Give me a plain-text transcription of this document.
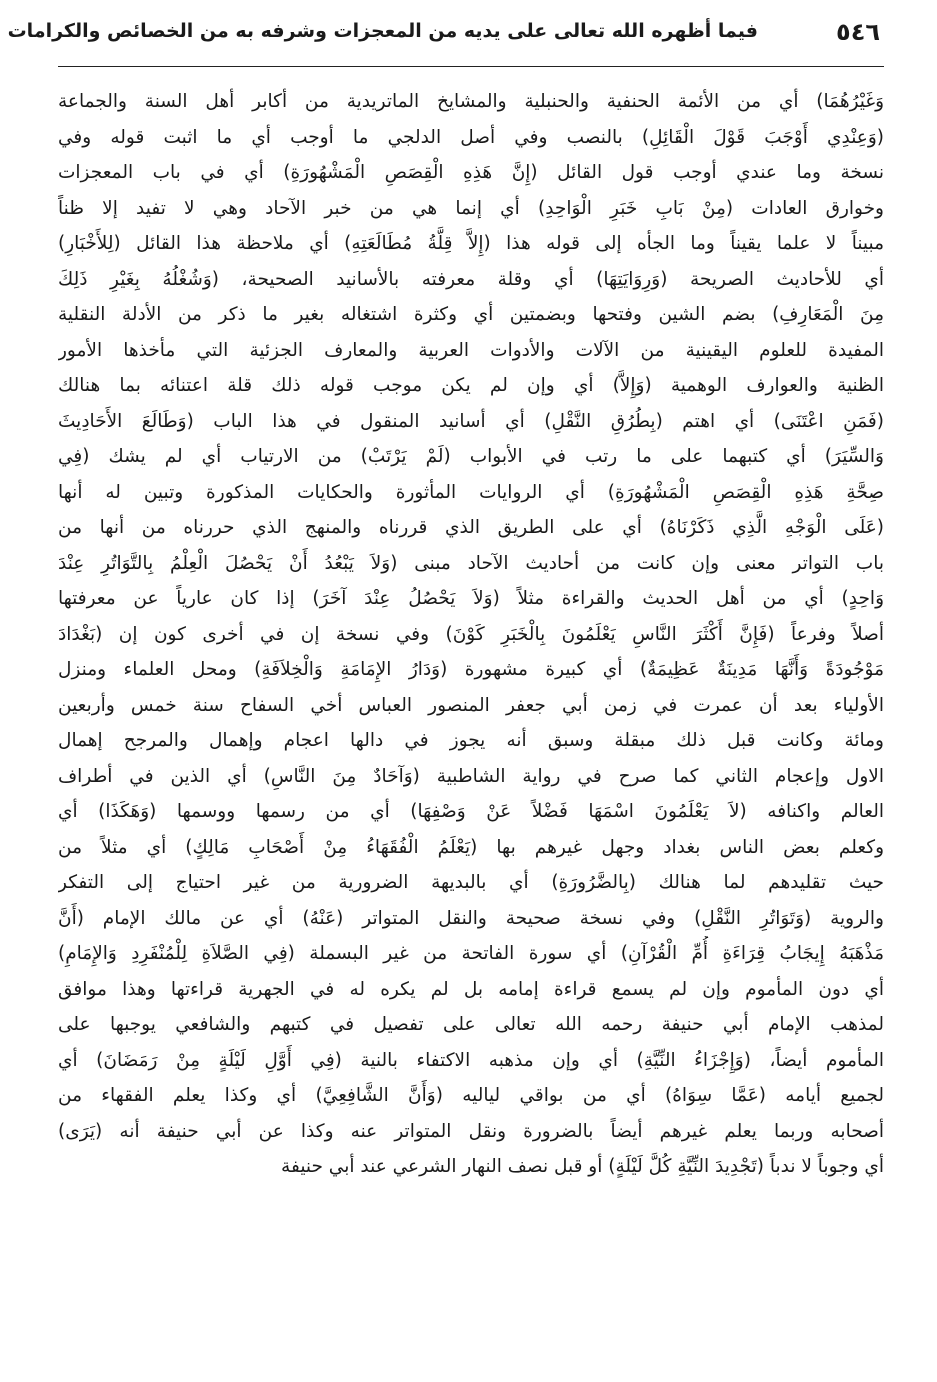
٥٤٦
فيما أظهره الله تعالى على يديه من المعجزات وشرفه به من الخصائص والكرامات
وَغَيْرُهُمَا) أي من الأئمة الحنفية والحنبلية والمشايخ الماتريدية من أكابر أهل السنة والجماعة
(وَعِنْدِي أَوْجَبَ قَوْلَ الْقَائِلِ) بالنصب وفي أصل الدلجي ما أوجب أي ما اثبت قوله وفي
نسخة وما عندي أوجب قول القائل (إِنَّ هَذِهِ الْقِصَصِ الْمَشْهُورَةِ) أي في باب المعجزات
وخوارق العادات (مِنْ بَابِ خَبَرِ الْوَاحِدِ) أي إنما هي من خبر الآحاد وهي لا تفيد إلا ظناً
مبيناً لا علما يقيناً وما الجأه إلى قوله هذا (إِلاَّ قِلَّةُ مُطَالَعَتِهِ) أي ملاحظة هذا القائل (لِلأَخْبَارِ)
أي للأحاديث الصريحة (وَرِوَايَتِهَا) أي وقلة معرفته بالأسانيد الصحيحة، (وَشُغْلُهُ بِغَيْرِ ذَلِكَ
مِنَ الْمَعَارِفِ) بضم الشين وفتحها وبضمتين أي وكثرة اشتغاله بغير ما ذكر من الأدلة النقلية
المفيدة للعلوم اليقينية من الآلات والأدوات العربية والمعارف الجزئية التي مأخذها الأمور
الظنية والعوارف الوهمية (وَإِلاَّ) أي وإن لم يكن موجب قوله ذلك قلة اعتنائه بما هنالك
(فَمَنِ اعْتَنَى) أي اهتم (بِطُرُقِ النَّقْلِ) أي أسانيد المنقول في هذا الباب (وَطَالَعَ الأَحَادِيثَ
وَالسِّيَرَ) أي كتبهما على ما رتب في الأبواب (لَمْ يَرْتَبْ) من الارتياب أي لم يشك (فِي
صِحَّةِ هَذِهِ الْقِصَصِ الْمَشْهُورَةِ) أي الروايات المأثورة والحكايات المذكورة وتبين له أنها
(عَلَى الْوَجْهِ الَّذِي ذَكَرْنَاهُ) أي على الطريق الذي قررناه والمنهج الذي حررناه من أنها من
باب التواتر معنى وإن كانت من أحاديث الآحاد مبنى (وَلاَ يَبْعُدُ أَنْ يَحْصُلَ الْعِلْمُ بِالتَّوَاتُرِ عِنْدَ
وَاحِدٍ) أي من أهل الحديث والقراءة مثلاً (وَلاَ يَحْصُلُ عِنْدَ آخَرَ) إذا كان عارياً عن معرفتها
أصلاً وفرعاً (فَإِنَّ أَكْثَرَ النَّاسِ يَعْلَمُونَ بِالْخَبَرِ كَوْنَ) وفي نسخة إن في أخرى كون إن (بَغْدَادَ
مَوْجُودَةً وَأَنَّهَا مَدِينَةٌ عَظِيمَةٌ) أي كبيرة مشهورة (وَدَارُ الإِمَامَةِ وَالْخِلاَفَةِ) ومحل العلماء ومنزل
الأولياء بعد أن عمرت في زمن أبي جعفر المنصور العباس أخي السفاح سنة خمس وأربعين
ومائة وكانت قبل ذلك مبقلة وسبق أنه يجوز في دالها اعجام وإهمال والمرجح إهمال
الاول وإعجام الثاني كما صرح في رواية الشاطبية (وَآحَادٌ مِنَ النَّاسِ) أي الذين في أطراف
العالم واكنافه (لاَ يَعْلَمُونَ اسْمَهَا فَضْلاً عَنْ وَصْفِهَا) أي من رسمها ووسمها (وَهَكَذَا) أي
وكعلم بعض الناس بغداد وجهل غيرهم بها (يَعْلَمُ الْفُقَهَاءُ مِنْ أَصْحَابِ مَالِكٍ) أي مثلاً من
حيث تقليدهم لما هنالك (بِالضَّرُورَةِ) أي بالبديهة الضرورية من غير احتياج إلى التفكر
والروية (وَتَوَاتُرِ النَّقْلِ) وفي نسخة صحيحة والنقل المتواتر (عَنْهُ) أي عن مالك الإمام (أَنَّ
مَذْهَبَهُ إِيجَابُ قِرَاءَةِ أُمِّ الْقُرْآنِ) أي سورة الفاتحة من غير البسملة (فِي الصَّلاَةِ لِلْمُنْفَرِدِ وَالإِمَامِ)
أي دون المأموم وإن لم يسمع قراءة إمامه بل لم يكره له في الجهرية قراءتها وهذا موافق
لمذهب الإمام أبي حنيفة رحمه الله تعالى على تفصيل في كتبهم والشافعي يوجبها على
المأموم أيضاً، (وَإِجْزَاءُ النِّيَّةِ) أي وإن مذهبه الاكتفاء بالنية (فِي أَوَّلِ لَيْلَةٍ مِنْ رَمَضَانَ) أي
لجميع أيامه (عَمَّا سِوَاهُ) أي من بواقي لياليه (وَأَنَّ الشَّافِعِيَّ) أي وكذا يعلم الفقهاء من
أصحابه وربما يعلم غيرهم أيضاً بالضرورة ونقل المتواتر عنه وكذا عن أبي حنيفة أنه (يَرَى)
أي وجوباً لا ندباً (تَجْدِيدَ النِّيَّةِ كُلَّ لَيْلَةٍ) أو قبل نصف النهار الشرعي عند أبي حنيفة
